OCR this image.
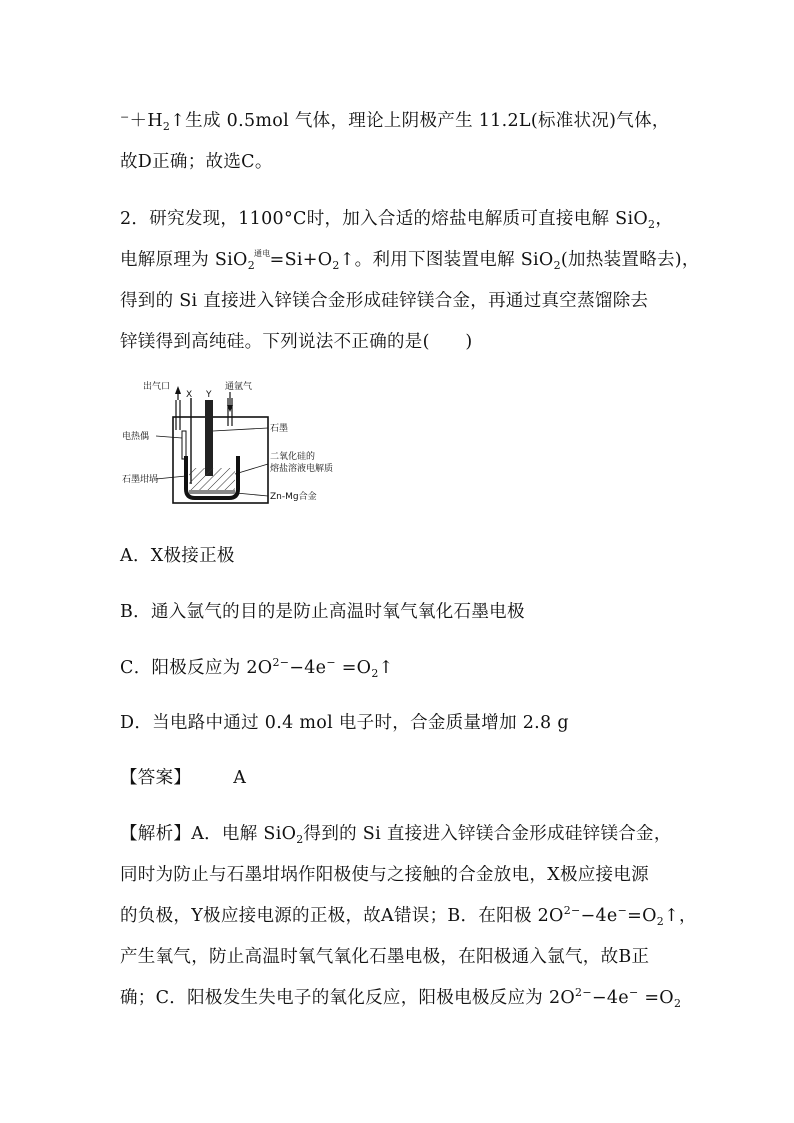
$^-+H_2↑$生成 0.5mol 气体，理论上阴极产生 11.2L(标准状况)气体，
故D正确；故选C。
2．研究发现，1100°C时，加入合适的熔盐电解质可直接电解 SiO$_2$，
电解原理为 $SiO_2^{通电}=Si+O_2↑$。利用下图装置电解 SiO$_2$(加热装置略去)，
得到的 Si 直接进入锌镁合金形成硅锌镁合金，再通过真空蒸馏除去
锌镁得到高纯硅。下列说法不正确的是(　　)
出气口
X Y
通氩气
石墨
电热偶
二氧化硅的
熔盐溶液电解质
石墨坩埚
Zn-Mg合金
A．X极接正极
B．通入氩气的目的是防止高温时氧气氧化石墨电极
C．阳极反应为 $2O^{2-}-4e^-$ $=O_2↑$
D．当电路中通过 0.4 mol 电子时，合金质量增加 2.8 g
【答案】 A
【解析】A．电解 SiO$_2$得到的 Si 直接进入锌镁合金形成硅锌镁合金，
同时为防止与石墨坩埚作阳极使与之接触的合金放电，X极应接电源
的负极，Y极应接电源的正极，故A错误；B．在阳极 $2O^{2-}-4e^-=O_2↑$，
产生氧气，防止高温时氧气氧化石墨电极，在阳极通入氩气，故B正
确；C．阳极发生失电子的氧化反应，阳极电极反应为 $2O^{2-}-4e^- =O_2$
